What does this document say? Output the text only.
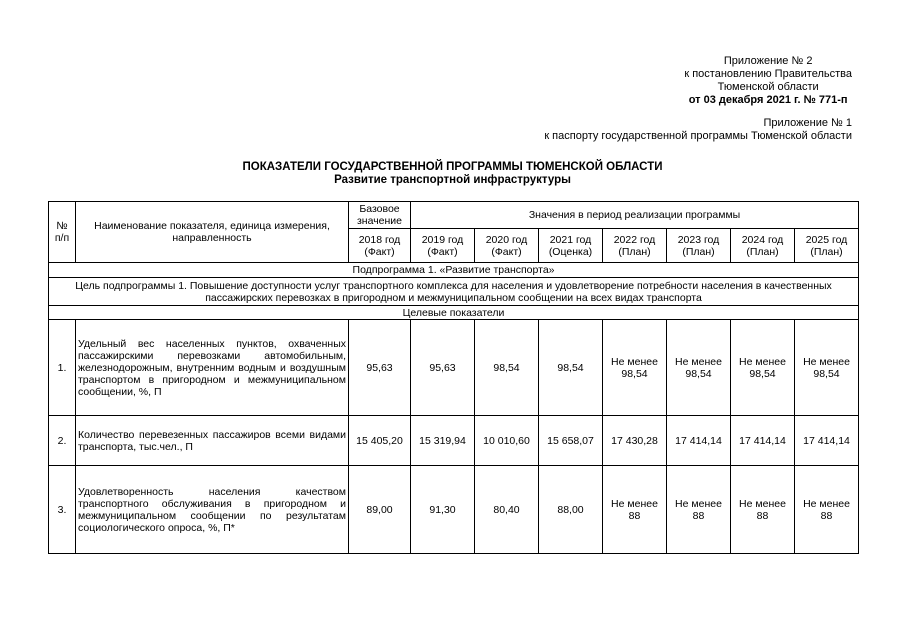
Приложение № 2
к постановлению Правительства
Тюменской области
от 03 декабря 2021 г. № 771-п
Приложение № 1
к паспорту государственной программы Тюменской области
ПОКАЗАТЕЛИ ГОСУДАРСТВЕННОЙ ПРОГРАММЫ ТЮМЕНСКОЙ ОБЛАСТИ
Развитие транспортной инфраструктуры
№ п/п	Наименование показателя, единица измерения, направленность	Базовое значение	Значения в период реализации программы						
		2018 год (Факт)	2019 год (Факт)	2020 год (Факт)	2021 год (Оценка)	2022 год (План)	2023 год (План)	2024 год (План)	2025 год (План)
Подпрограмма 1. «Развитие транспорта»									
Цель подпрограммы 1. Повышение доступности услуг транспортного комплекса для населения и удовлетворение потребности населения в качественных пассажирских перевозках в пригородном и межмуниципальном сообщении на всех видах транспорта									
Целевые показатели									
1.	Удельный вес населенных пунктов, охваченных пассажирскими перевозками автомобильным, железнодорожным, внутренним водным и воздушным транспортом в пригородном и межмуниципальном сообщении, %, П	95,63	95,63	98,54	98,54	Не менее 98,54	Не менее 98,54	Не менее 98,54	Не менее 98,54
2.	Количество перевезенных пассажиров всеми видами транспорта, тыс.чел., П	15 405,20	15 319,94	10 010,60	15 658,07	17 430,28	17 414,14	17 414,14	17 414,14
3.	Удовлетворенность населения качеством транспортного обслуживания в пригородном и межмуниципальном сообщении по результатам социологического опроса, %, П*	89,00	91,30	80,40	88,00	Не менее 88	Не менее 88	Не менее 88	Не менее 88
